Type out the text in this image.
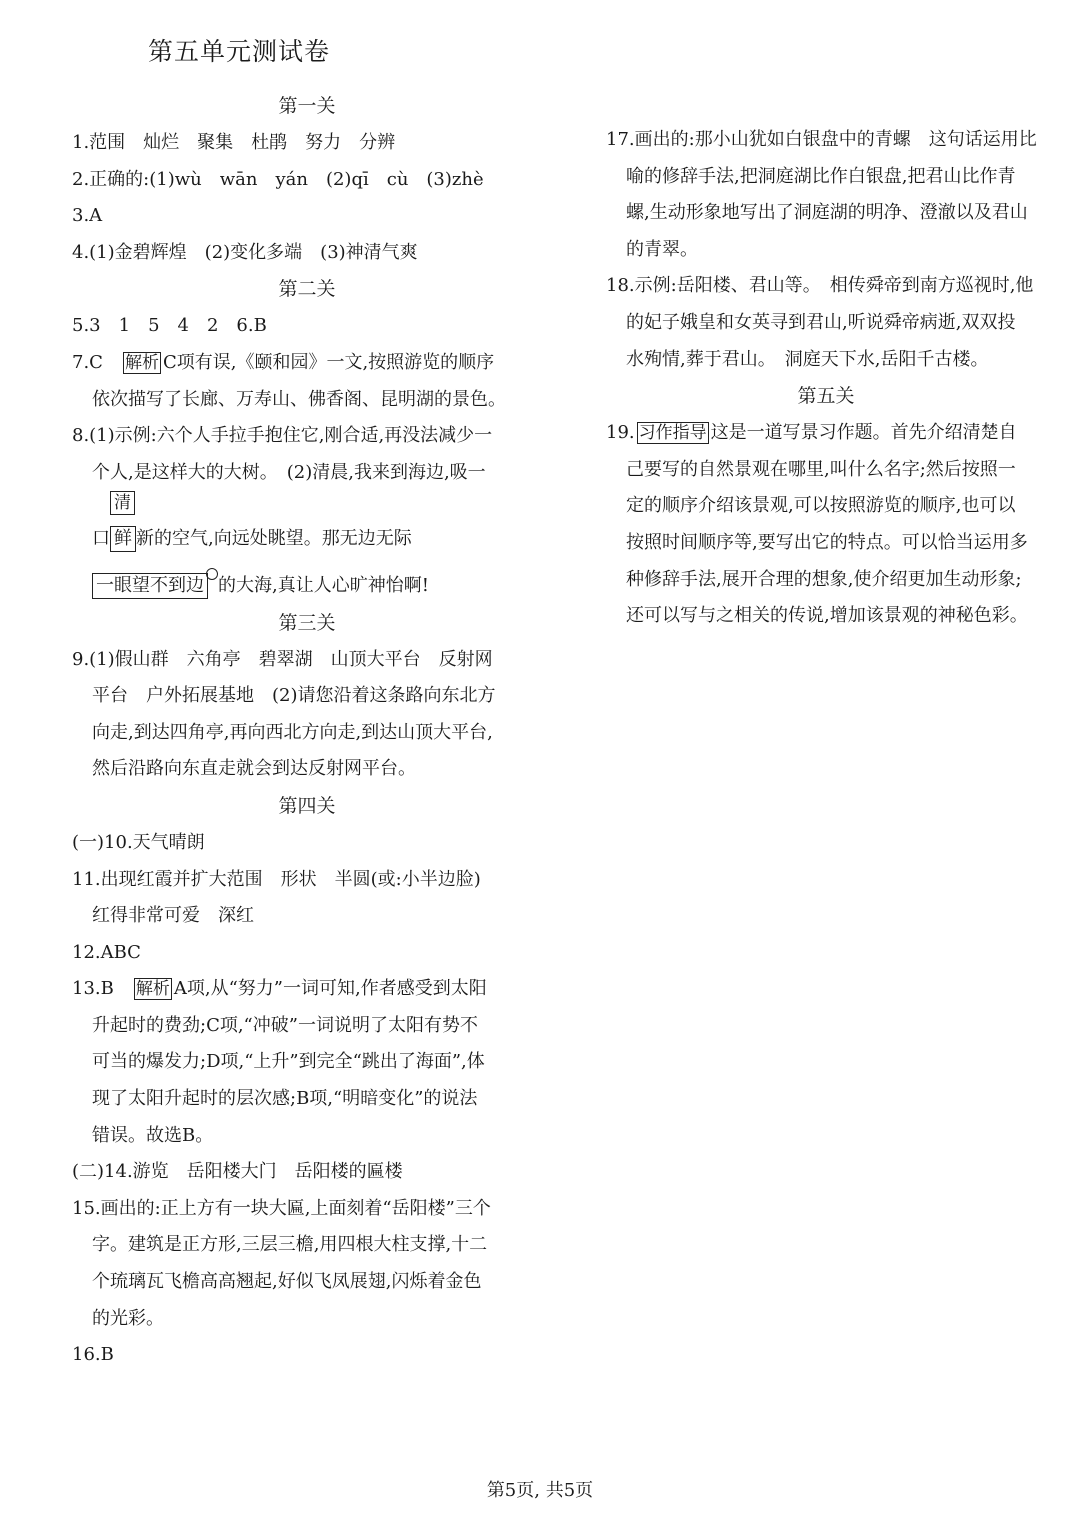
第五单元测试卷
第一关
1.范围　灿烂　聚集　杜鹃　努力　分辨
2.正确的:(1)wù　wān　yán　(2)qī　cù　(3)zhè
3.A
4.(1)金碧辉煌　(2)变化多端　(3)神清气爽
第二关
5.3　1　5　4　2　6.B
7.C　解析 C项有误,《颐和园》一文,按照游览的顺序
依次描写了长廊、万寿山、佛香阁、昆明湖的景色。
8.(1)示例:六个人手拉手抱住它,刚合适,再没法减少一
个人,是这样大的大树。　(2)清晨,我来到海边,吸一
口
清
鲜 新的空气,向远处眺望。那无边无际
一眼望不到边 的大海,真让人心旷神怡啊!
第三关
9.(1)假山群　六角亭　碧翠湖　山顶大平台　反射网
平台　户外拓展基地　(2)请您沿着这条路向东北方
向走,到达四角亭,再向西北方向走,到达山顶大平台,
然后沿路向东直走就会到达反射网平台。
第四关
(一)10.天气晴朗
11.出现红霞并扩大范围　形状　半圆(或:小半边脸)
红得非常可爱　深红
12.ABC
13.B　解析 A项,从“努力”一词可知,作者感受到太阳
升起时的费劲;C项,“冲破”一词说明了太阳有势不
可当的爆发力;D项,“上升”到完全“跳出了海面”,体
现了太阳升起时的层次感;B项,“明暗变化”的说法
错误。故选B。
(二)14.游览　岳阳楼大门　岳阳楼的匾楼
15.画出的:正上方有一块大匾,上面刻着“岳阳楼”三个
字。建筑是正方形,三层三檐,用四根大柱支撑,十二
个琉璃瓦飞檐高高翘起,好似飞凤展翅,闪烁着金色
的光彩。
16.B
17.画出的:那小山犹如白银盘中的青螺　这句话运用比
喻的修辞手法,把洞庭湖比作白银盘,把君山比作青
螺,生动形象地写出了洞庭湖的明净、澄澈以及君山
的青翠。
18.示例:岳阳楼、君山等。　相传舜帝到南方巡视时,他
的妃子娥皇和女英寻到君山,听说舜帝病逝,双双投
水殉情,葬于君山。　洞庭天下水,岳阳千古楼。
第五关
19. 习作指导 这是一道写景习作题。首先介绍清楚自
己要写的自然景观在哪里,叫什么名字;然后按照一
定的顺序介绍该景观,可以按照游览的顺序,也可以
按照时间顺序等,要写出它的特点。可以恰当运用多
种修辞手法,展开合理的想象,使介绍更加生动形象;
还可以写与之相关的传说,增加该景观的神秘色彩。
第5页, 共5页
